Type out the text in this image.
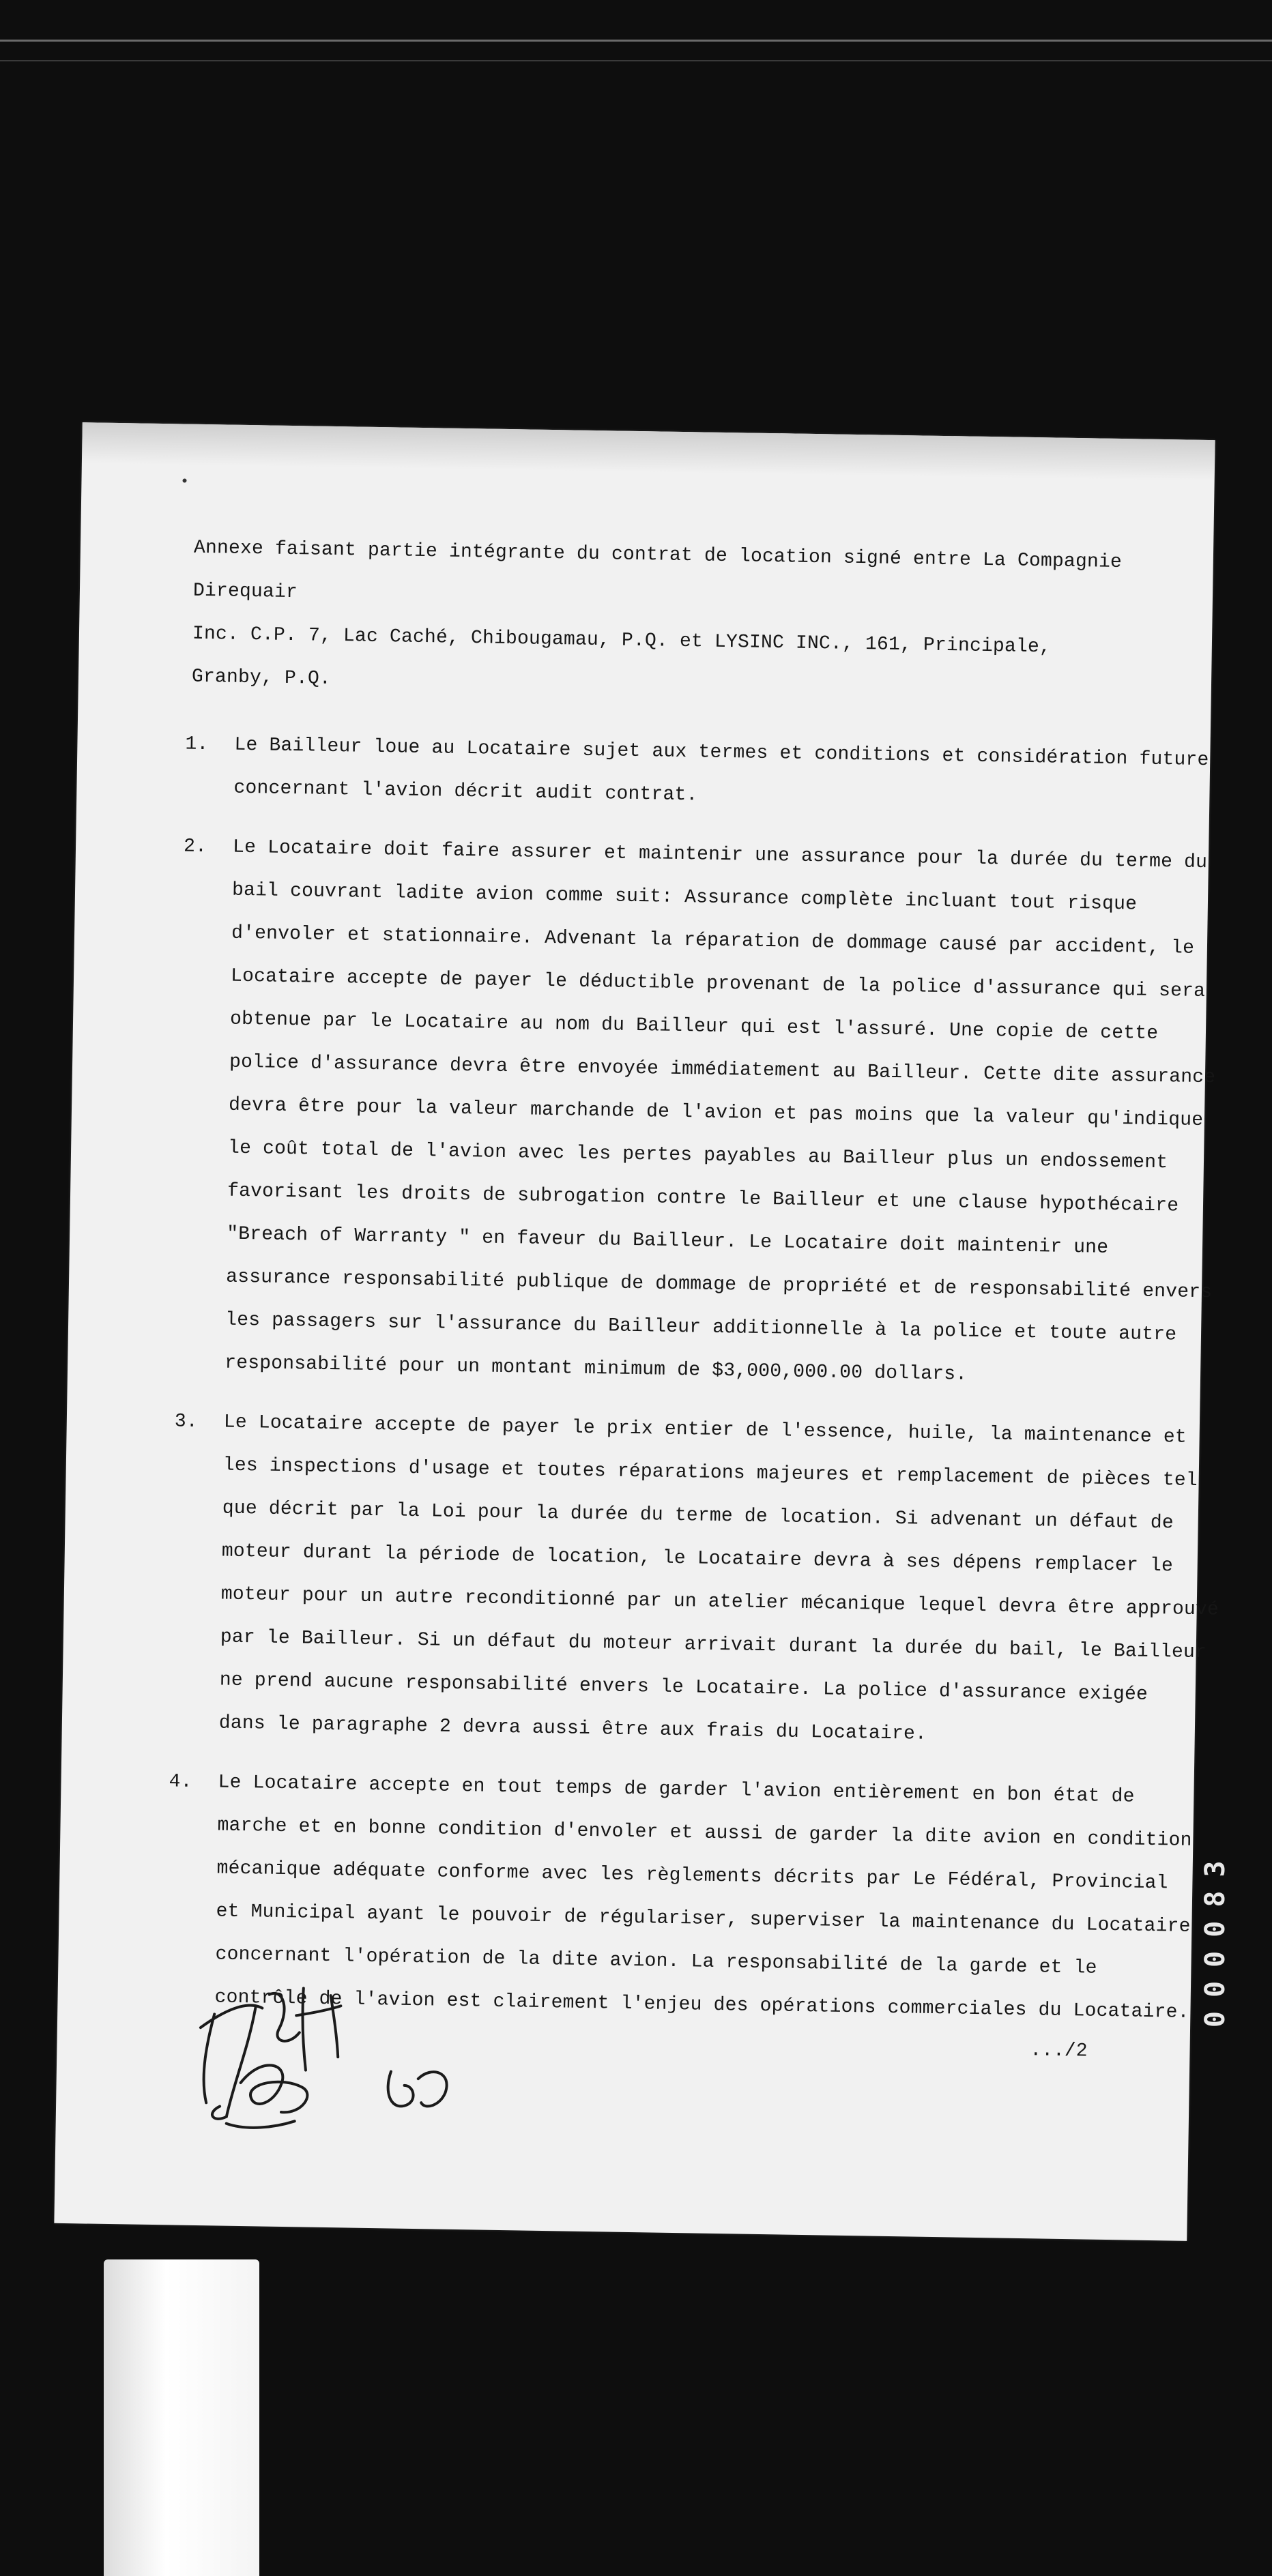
Annexe faisant partie intégrante du contrat de location signé entre La Compagnie Direquair
Inc. C.P. 7, Lac Caché, Chibougamau, P.Q. et LYSINC INC., 161, Principale, Granby, P.Q.
1. Le Bailleur loue au Locataire sujet aux termes et conditions et considération future
concernant l'avion décrit audit contrat.
2. Le Locataire doit faire assurer et maintenir une assurance pour la durée du terme du
bail couvrant ladite avion comme suit: Assurance complète incluant tout risque
d'envoler et stationnaire. Advenant la réparation de dommage causé par accident, le
Locataire accepte de payer le déductible provenant de la police d'assurance qui sera
obtenue par le Locataire au nom du Bailleur qui est l'assuré. Une copie de cette
police d'assurance devra être envoyée immédiatement au Bailleur. Cette dite assurance
devra être pour la valeur marchande de l'avion et pas moins que la valeur qu'indique
le coût total de l'avion avec les pertes payables au Bailleur plus un endossement
favorisant les droits de subrogation contre le Bailleur et une clause hypothécaire
"Breach of Warranty " en faveur du Bailleur. Le Locataire doit maintenir une
assurance responsabilité publique de dommage de propriété et de responsabilité envers
les passagers sur l'assurance du Bailleur additionnelle à la police et toute autre
responsabilité pour un montant minimum de $3,000,000.00 dollars.
3. Le Locataire accepte de payer le prix entier de l'essence, huile, la maintenance et
les inspections d'usage et toutes réparations majeures et remplacement de pièces tel
que décrit par la Loi pour la durée du terme de location. Si advenant un défaut de
moteur durant la période de location, le Locataire devra à ses dépens remplacer le
moteur pour un autre reconditionné par un atelier mécanique lequel devra être approuvé
par le Bailleur. Si un défaut du moteur arrivait durant la durée du bail, le Bailleur
ne prend aucune responsabilité envers le Locataire. La police d'assurance exigée
dans le paragraphe 2 devra aussi être aux frais du Locataire.
4. Le Locataire accepte en tout temps de garder l'avion entièrement en bon état de
marche et en bonne condition d'envoler et aussi de garder la dite avion en condition
mécanique adéquate conforme avec les règlements décrits par Le Fédéral, Provincial
et Municipal ayant le pouvoir de régulariser, superviser la maintenance du Locataire
concernant l'opération de la dite avion. La responsabilité de la garde et le
contrôle de l'avion est clairement l'enjeu des opérations commerciales du Locataire.
.../2
000083
